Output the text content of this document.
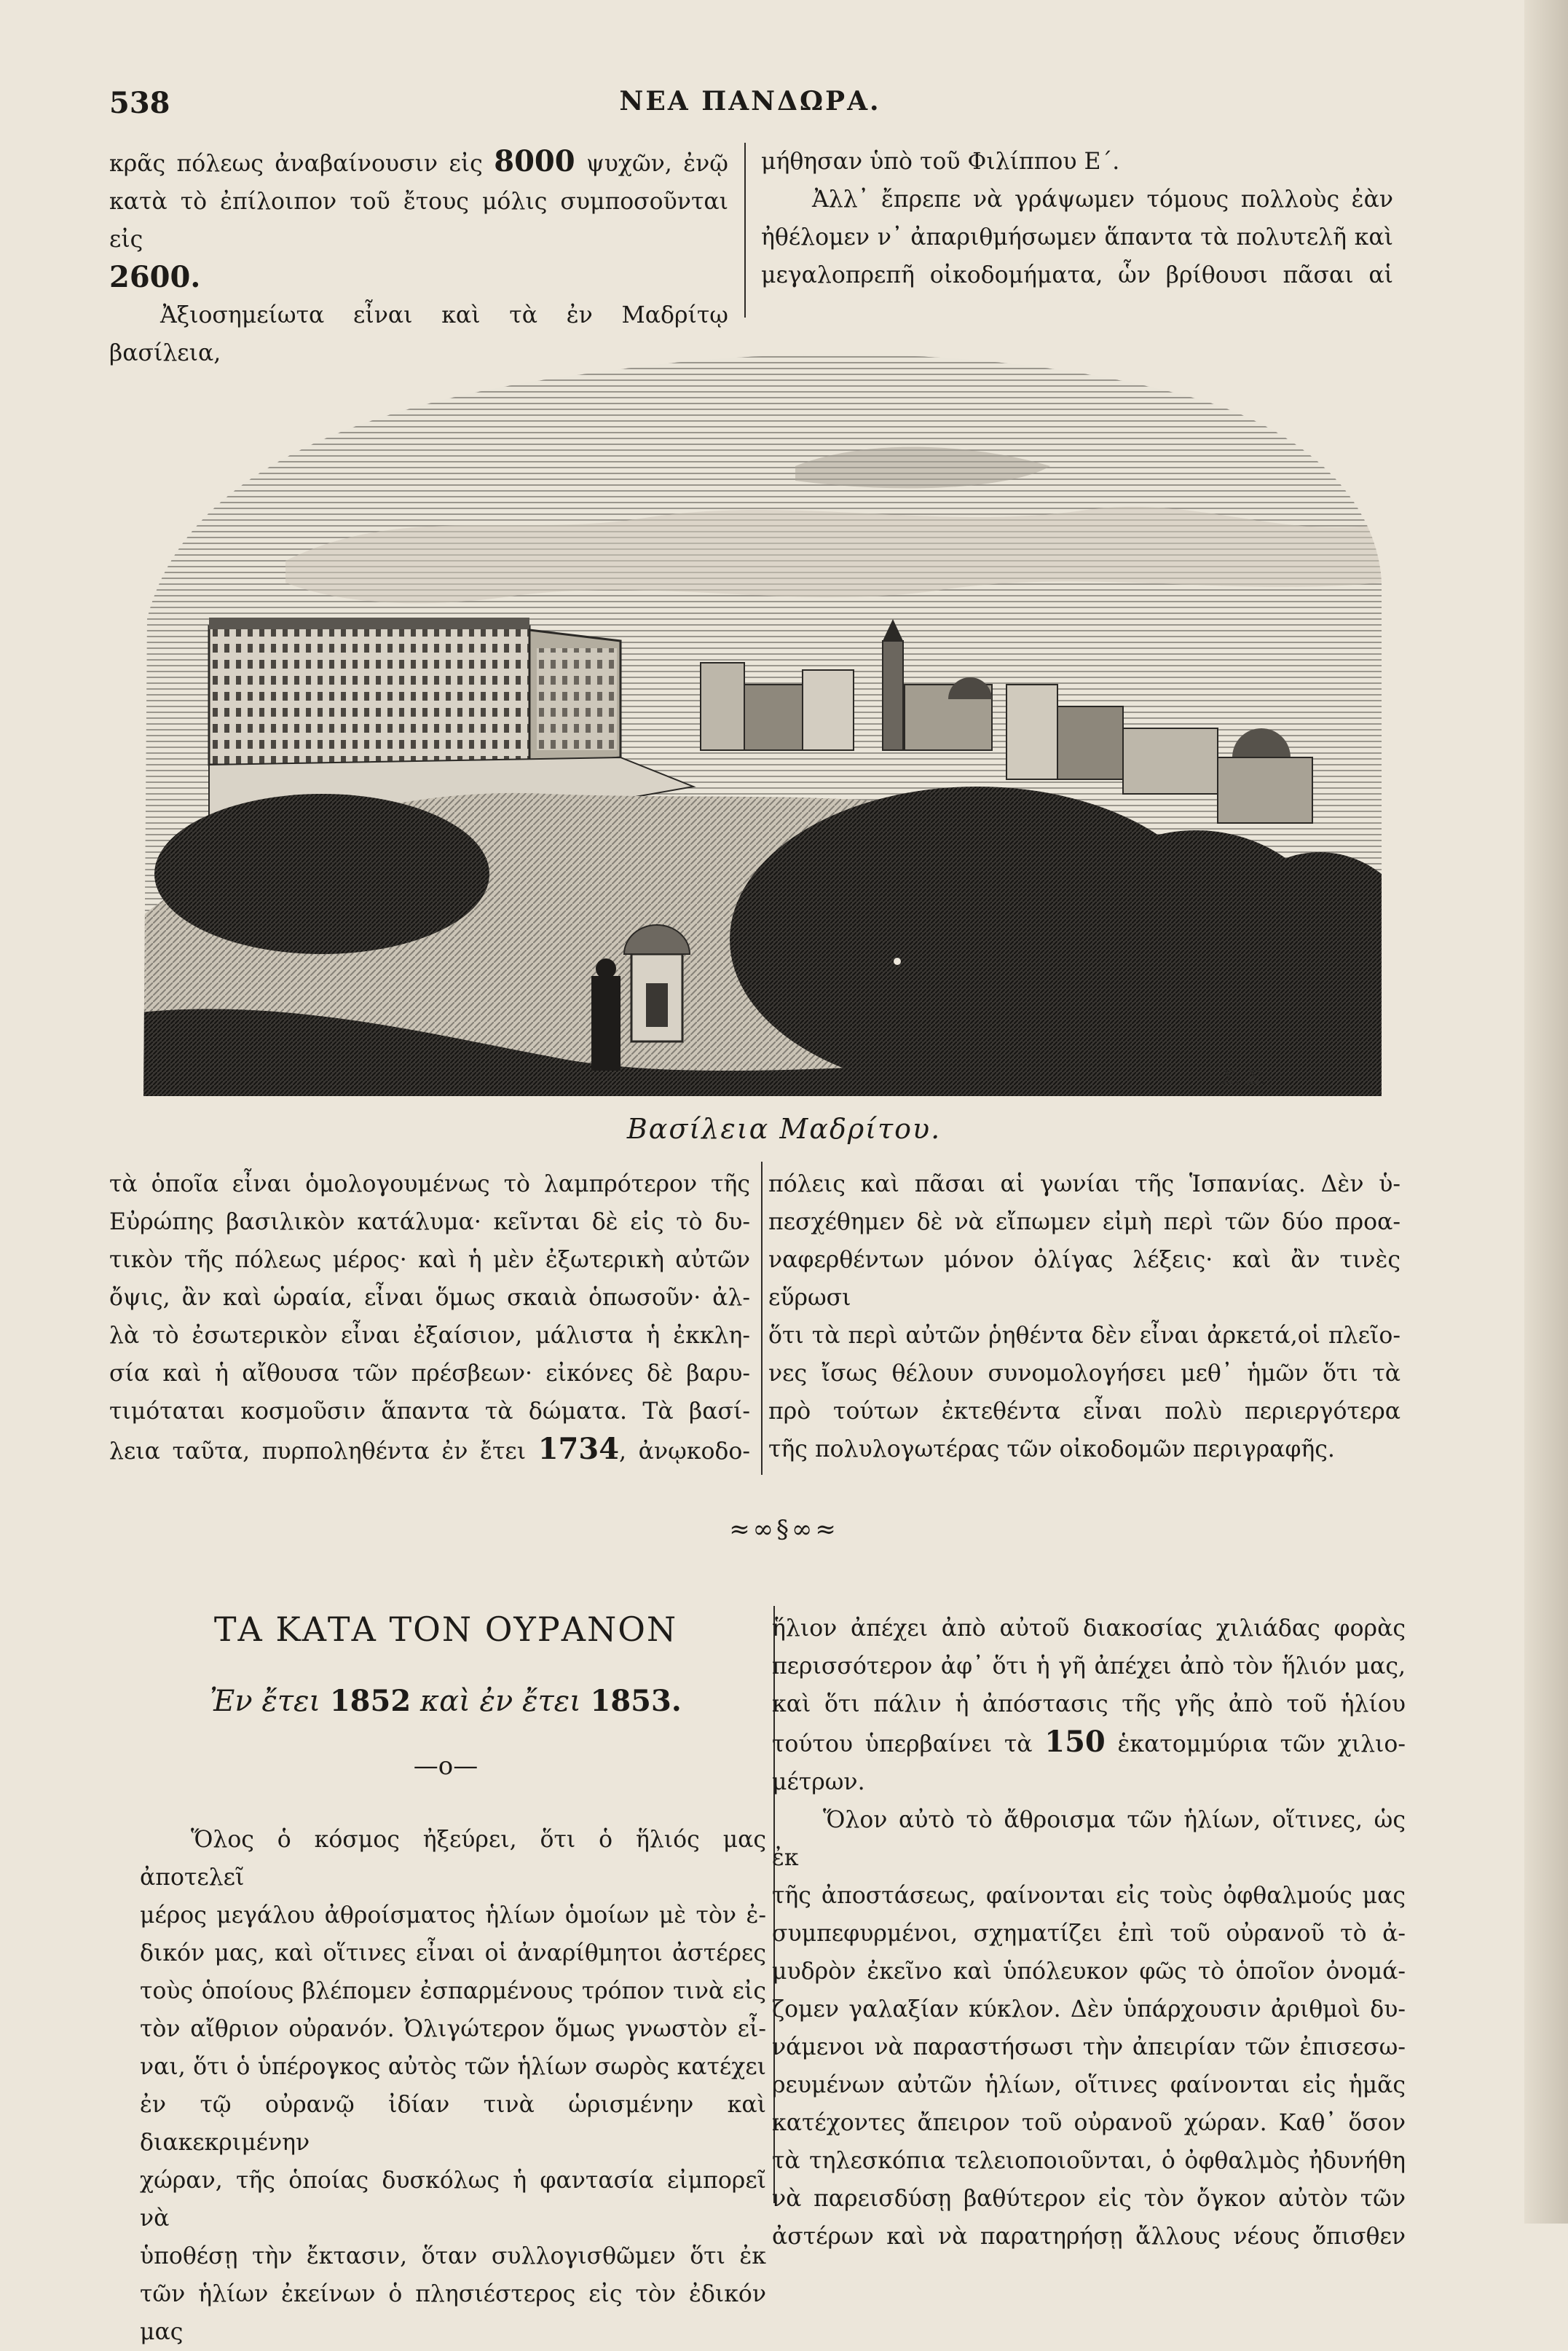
538	ΝΕΑ ΠΑΝΔΩΡΑ.

κρᾶς πόλεως ἀναβαίνουσιν εἰς 8000 ψυχῶν, ἐνῷ

κατὰ τὸ ἐπίλοιπον τοῦ ἔτους μόλις συμποσοῦνται εἰς

2600.

Ἀξιοσημείωτα εἶναι καὶ τὰ ἐν Μαδρίτῳ βασίλεια,

μήθησαν ὑπὸ τοῦ Φιλίππου Ε΄.

Ἀλλ᾽ ἔπρεπε νὰ γράψωμεν τόμους πολλοὺς ἐὰν

ἠθέλομεν ν᾽ ἀπαριθμήσωμεν ἅπαντα τὰ πολυτελῆ καὶ

μεγαλοπρεπῆ οἰκοδομήματα, ὧν βρίθουσι πᾶσαι αἱ

Σ. Σ.
Βασίλεια Μαδρίτου.

τὰ ὁποῖα εἶναι ὁμολογουμένως τὸ λαμπρότερον τῆς

Εὐρώπης βασιλικὸν κατάλυμα· κεῖνται δὲ εἰς τὸ δυ-

τικὸν τῆς πόλεως μέρος· καὶ ἡ μὲν ἐξωτερικὴ αὐτῶν

ὄψις, ἂν καὶ ὡραία, εἶναι ὅμως σκαιὰ ὁπωσοῦν· ἀλ-

λὰ τὸ ἐσωτερικὸν εἶναι ἐξαίσιον, μάλιστα ἡ ἐκκλη-

σία καὶ ἡ αἴθουσα τῶν πρέσβεων· εἰκόνες δὲ βαρυ-

τιμόταται κοσμοῦσιν ἅπαντα τὰ δώματα. Τὰ βασί-

λεια ταῦτα, πυρποληθέντα ἐν ἔτει 1734, ἀνῳκοδο-

πόλεις καὶ πᾶσαι αἱ γωνίαι τῆς Ἱσπανίας. Δὲν ὑ-

πεσχέθημεν δὲ νὰ εἴπωμεν εἰμὴ περὶ τῶν δύο προα-

ναφερθέντων μόνον ὀλίγας λέξεις· καὶ ἂν τινὲς εὕρωσι

ὅτι τὰ περὶ αὐτῶν ῥηθέντα δὲν εἶναι ἀρκετά,οἱ πλεῖο-

νες ἴσως θέλουν συνομολογήσει μεθ᾽ ἡμῶν ὅτι τὰ

πρὸ τούτων ἐκτεθέντα εἶναι πολὺ περιεργότερα

τῆς πολυλογωτέρας τῶν οἰκοδομῶν περιγραφῆς.

≈∞§∞≈
ΤΑ ΚΑΤΑ ΤΟΝ ΟΥΡΑΝΟΝ
Ἐν ἔτει 1852 καὶ ἐν ἔτει 1853.
—ο—

Ὅλος ὁ κόσμος ἠξεύρει, ὅτι ὁ ἥλιός μας ἀποτελεῖ

μέρος μεγάλου ἀθροίσματος ἡλίων ὁμοίων μὲ τὸν ἐ-

δικόν μας, καὶ οἵτινες εἶναι οἱ ἀναρίθμητοι ἀστέρες

τοὺς ὁποίους βλέπομεν ἐσπαρμένους τρόπον τινὰ εἰς

τὸν αἴθριον οὐρανόν. Ὀλιγώτερον ὅμως γνωστὸν εἶ-

ναι, ὅτι ὁ ὑπέρογκος αὐτὸς τῶν ἡλίων σωρὸς κατέχει

ἐν τῷ οὐρανῷ ἰδίαν τινὰ ὡρισμένην καὶ διακεκριμένην

χώραν, τῆς ὁποίας δυσκόλως ἡ φαντασία εἰμπορεῖ νὰ

ὑποθέσῃ τὴν ἔκτασιν, ὅταν συλλογισθῶμεν ὅτι ἐκ

τῶν ἡλίων ἐκείνων ὁ πλησιέστερος εἰς τὸν ἐδικόν μας

ἥλιον ἀπέχει ἀπὸ αὐτοῦ διακοσίας χιλιάδας φορὰς

περισσότερον ἀφ᾽ ὅτι ἡ γῆ ἀπέχει ἀπὸ τὸν ἥλιόν μας,

καὶ ὅτι πάλιν ἡ ἀπόστασις τῆς γῆς ἀπὸ τοῦ ἡλίου

τούτου ὑπερβαίνει τὰ 150 ἑκατομμύρια τῶν χιλιο-

μέτρων.

Ὅλον αὐτὸ τὸ ἄθροισμα τῶν ἡλίων, οἵτινες, ὡς ἐκ

τῆς ἀποστάσεως, φαίνονται εἰς τοὺς ὀφθαλμούς μας

συμπεφυρμένοι, σχηματίζει ἐπὶ τοῦ οὐρανοῦ τὸ ἀ-

μυδρὸν ἐκεῖνο καὶ ὑπόλευκον φῶς τὸ ὁποῖον ὀνομά-

ζομεν γαλαξίαν κύκλον. Δὲν ὑπάρχουσιν ἀριθμοὶ δυ-

νάμενοι νὰ παραστήσωσι τὴν ἀπειρίαν τῶν ἐπισεσω-

ρευμένων αὐτῶν ἡλίων, οἵτινες φαίνονται εἰς ἡμᾶς

κατέχοντες ἄπειρον τοῦ οὐρανοῦ χώραν. Καθ᾽ ὅσον

τὰ τηλεσκόπια τελειοποιοῦνται, ὁ ὀφθαλμὸς ἠδυνήθη

νὰ παρεισδύσῃ βαθύτερον εἰς τὸν ὄγκον αὐτὸν τῶν

ἀστέρων καὶ νὰ παρατηρήσῃ ἄλλους νέους ὄπισθεν
